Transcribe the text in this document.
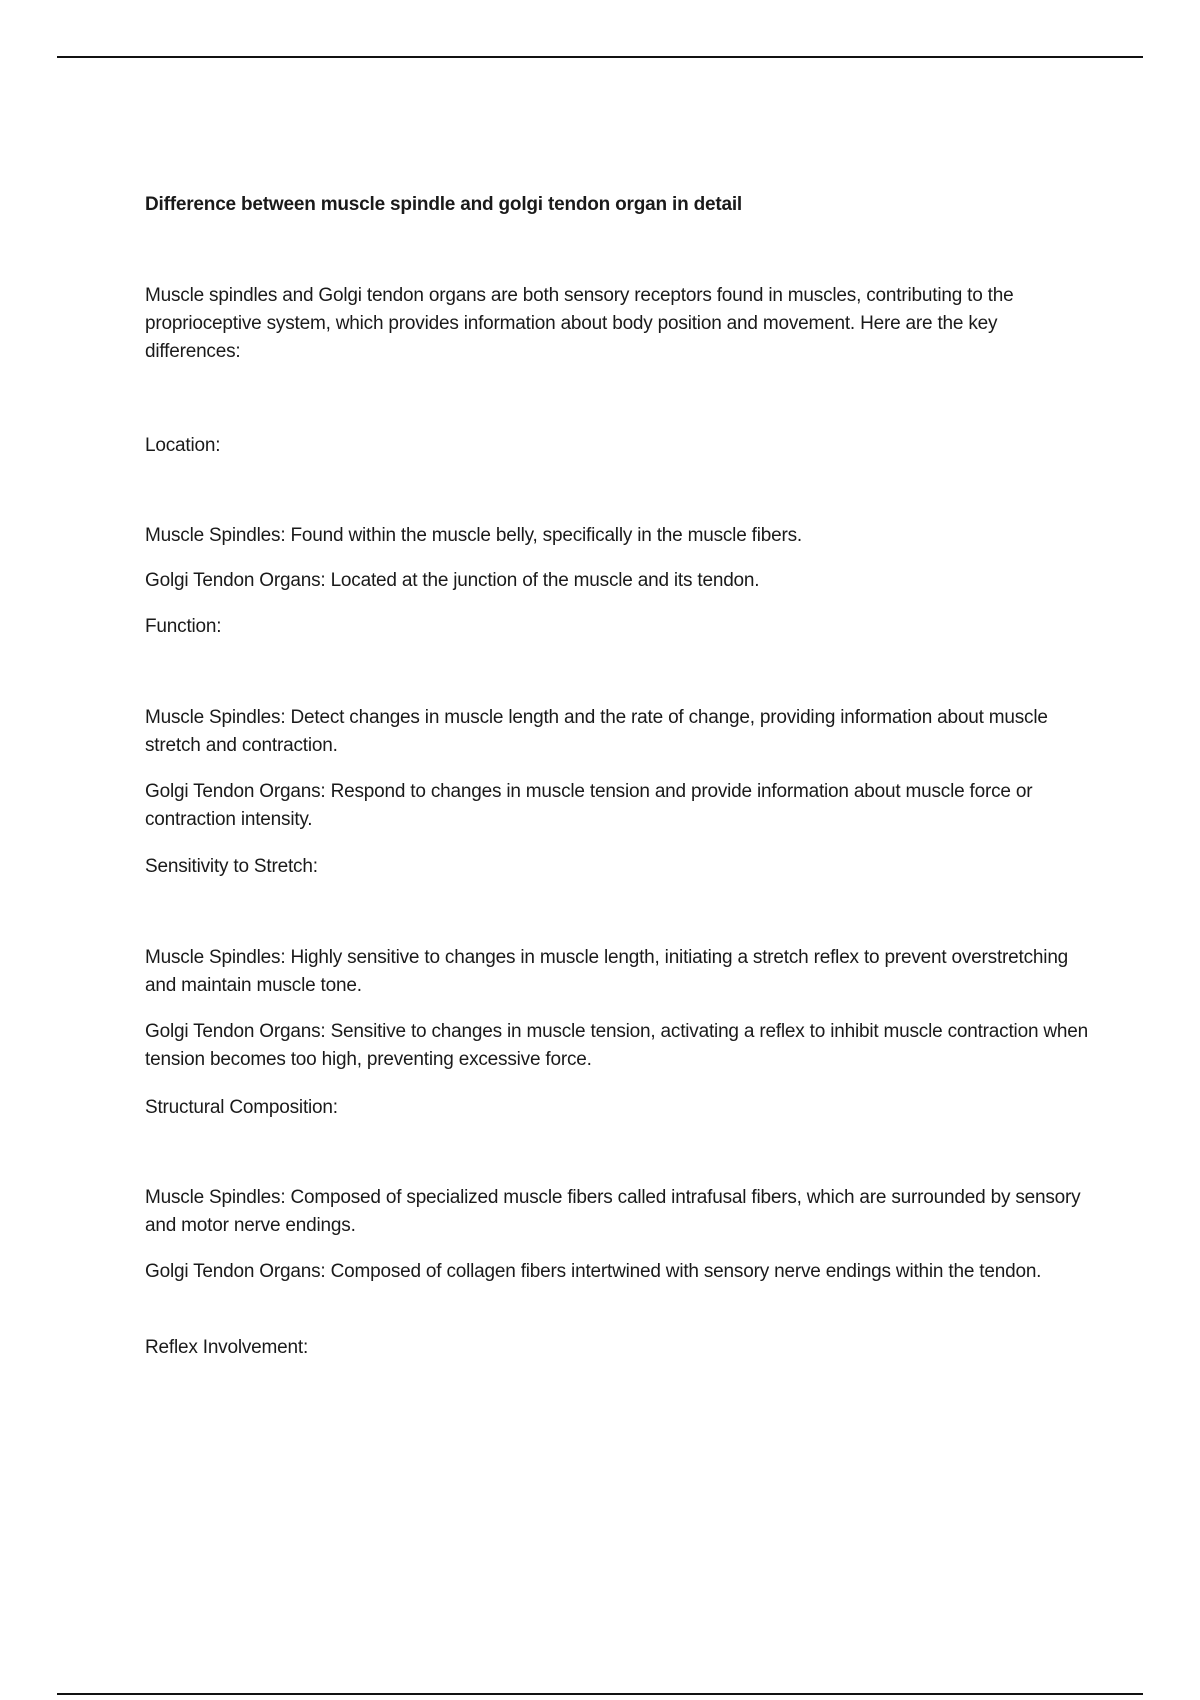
Difference between muscle spindle and golgi tendon organ in detail

Muscle spindles and Golgi tendon organs are both sensory receptors found in muscles, contributing to the proprioceptive system, which provides information about body position and movement. Here are the key differences:

Location:

Muscle Spindles: Found within the muscle belly, specifically in the muscle fibers.

Golgi Tendon Organs: Located at the junction of the muscle and its tendon.

Function:

Muscle Spindles: Detect changes in muscle length and the rate of change, providing information about muscle stretch and contraction.

Golgi Tendon Organs: Respond to changes in muscle tension and provide information about muscle force or contraction intensity.

Sensitivity to Stretch:

Muscle Spindles: Highly sensitive to changes in muscle length, initiating a stretch reflex to prevent overstretching and maintain muscle tone.

Golgi Tendon Organs: Sensitive to changes in muscle tension, activating a reflex to inhibit muscle contraction when tension becomes too high, preventing excessive force.

Structural Composition:

Muscle Spindles: Composed of specialized muscle fibers called intrafusal fibers, which are surrounded by sensory and motor nerve endings.

Golgi Tendon Organs: Composed of collagen fibers intertwined with sensory nerve endings within the tendon.

Reflex Involvement:
